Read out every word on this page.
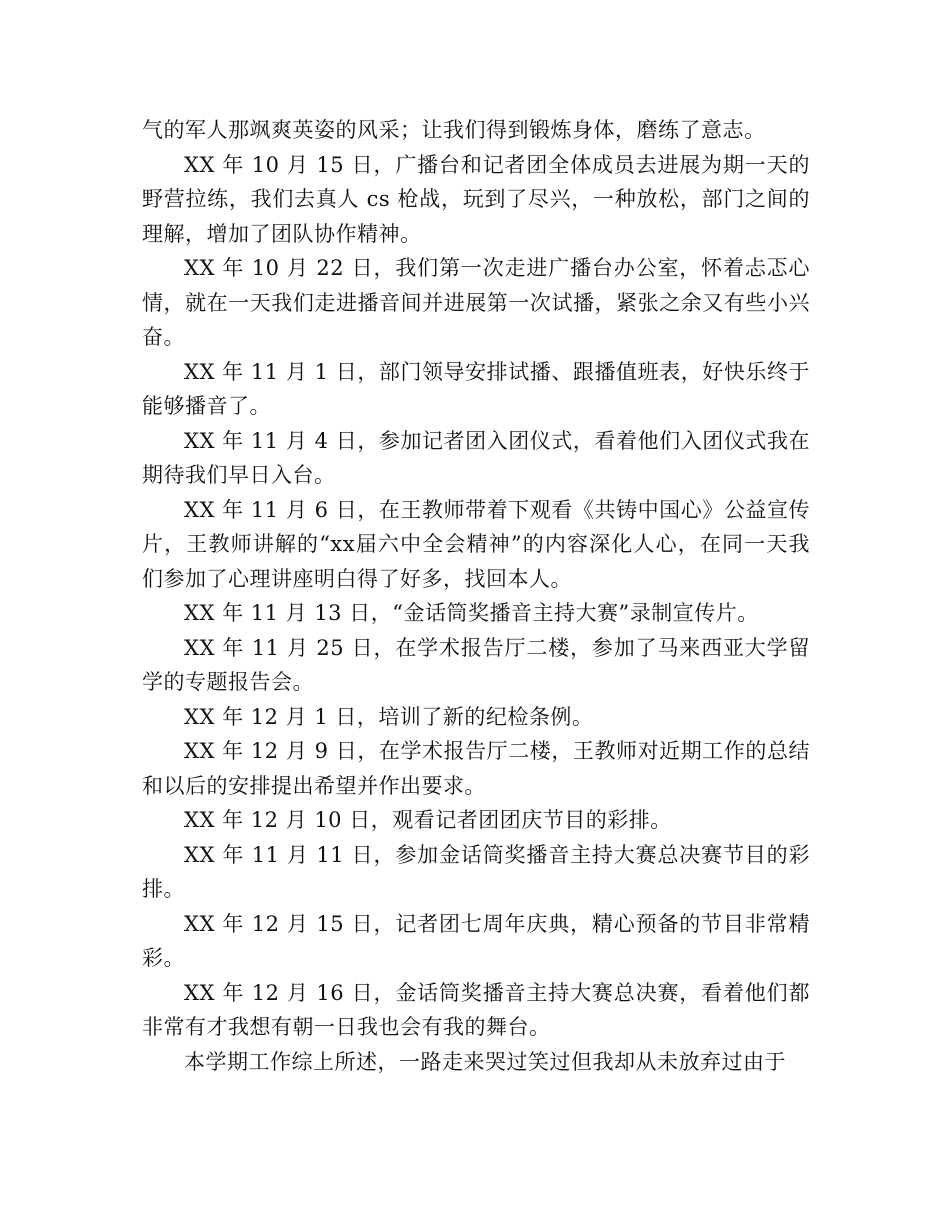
气的军人那飒爽英姿的风采；让我们得到锻炼身体，磨练了意志。

XX 年 10 月 15 日，广播台和记者团全体成员去进展为期一天的野营拉练，我们去真人 cs 枪战，玩到了尽兴，一种放松，部门之间的理解，增加了团队协作精神。

XX 年 10 月 22 日，我们第一次走进广播台办公室，怀着忐忑心情，就在一天我们走进播音间并进展第一次试播，紧张之余又有些小兴奋。

XX 年 11 月 1 日，部门领导安排试播、跟播值班表，好快乐终于能够播音了。

XX 年 11 月 4 日，参加记者团入团仪式，看着他们入团仪式我在期待我们早日入台。

XX 年 11 月 6 日，在王教师带着下观看《共铸中国心》公益宣传片，王教师讲解的“xx届六中全会精神”的内容深化人心，在同一天我们参加了心理讲座明白得了好多，找回本人。

XX 年 11 月 13 日，“金话筒奖播音主持大赛”录制宣传片。

XX 年 11 月 25 日，在学术报告厅二楼，参加了马来西亚大学留学的专题报告会。

XX 年 12 月 1 日，培训了新的纪检条例。

XX 年 12 月 9 日，在学术报告厅二楼，王教师对近期工作的总结和以后的安排提出希望并作出要求。

XX 年 12 月 10 日，观看记者团团庆节目的彩排。

XX 年 11 月 11 日，参加金话筒奖播音主持大赛总决赛节目的彩排。

XX 年 12 月 15 日，记者团七周年庆典，精心预备的节目非常精彩。

XX 年 12 月 16 日，金话筒奖播音主持大赛总决赛，看着他们都非常有才我想有朝一日我也会有我的舞台。

本学期工作综上所述，一路走来哭过笑过但我却从未放弃过由于
